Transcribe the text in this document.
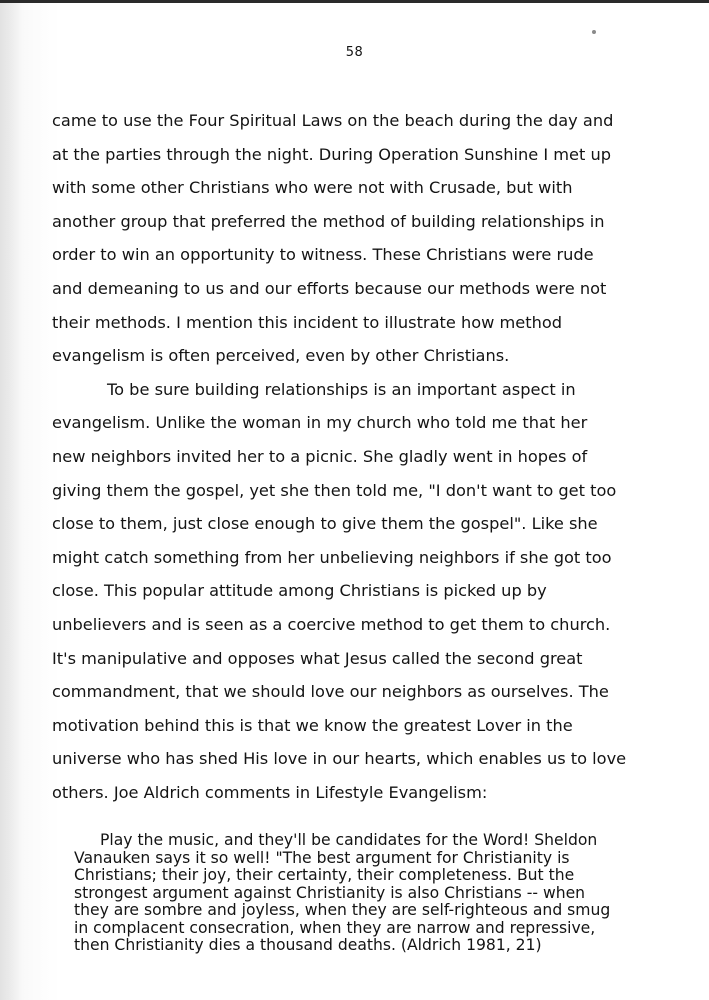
58
came to use the Four Spiritual Laws on the beach during the day and
at the parties through the night. During Operation Sunshine I met up
with some other Christians who were not with Crusade, but with
another group that preferred the method of building relationships in
order to win an opportunity to witness. These Christians were rude
and demeaning to us and our efforts because our methods were not
their methods. I mention this incident to illustrate how method
evangelism is often perceived, even by other Christians.
To be sure building relationships is an important aspect in
evangelism. Unlike the woman in my church who told me that her
new neighbors invited her to a picnic. She gladly went in hopes of
giving them the gospel, yet she then told me, "I don't want to get too
close to them, just close enough to give them the gospel". Like she
might catch something from her unbelieving neighbors if she got too
close. This popular attitude among Christians is picked up by
unbelievers and is seen as a coercive method to get them to church.
It's manipulative and opposes what Jesus called the second great
commandment, that we should love our neighbors as ourselves. The
motivation behind this is that we know the greatest Lover in the
universe who has shed His love in our hearts, which enables us to love
others. Joe Aldrich comments in Lifestyle Evangelism:
Play the music, and they'll be candidates for the Word! Sheldon
Vanauken says it so well! "The best argument for Christianity is
Christians; their joy, their certainty, their completeness. But the
strongest argument against Christianity is also Christians -- when
they are sombre and joyless, when they are self-righteous and smug
in complacent consecration, when they are narrow and repressive,
then Christianity dies a thousand deaths. (Aldrich 1981, 21)
